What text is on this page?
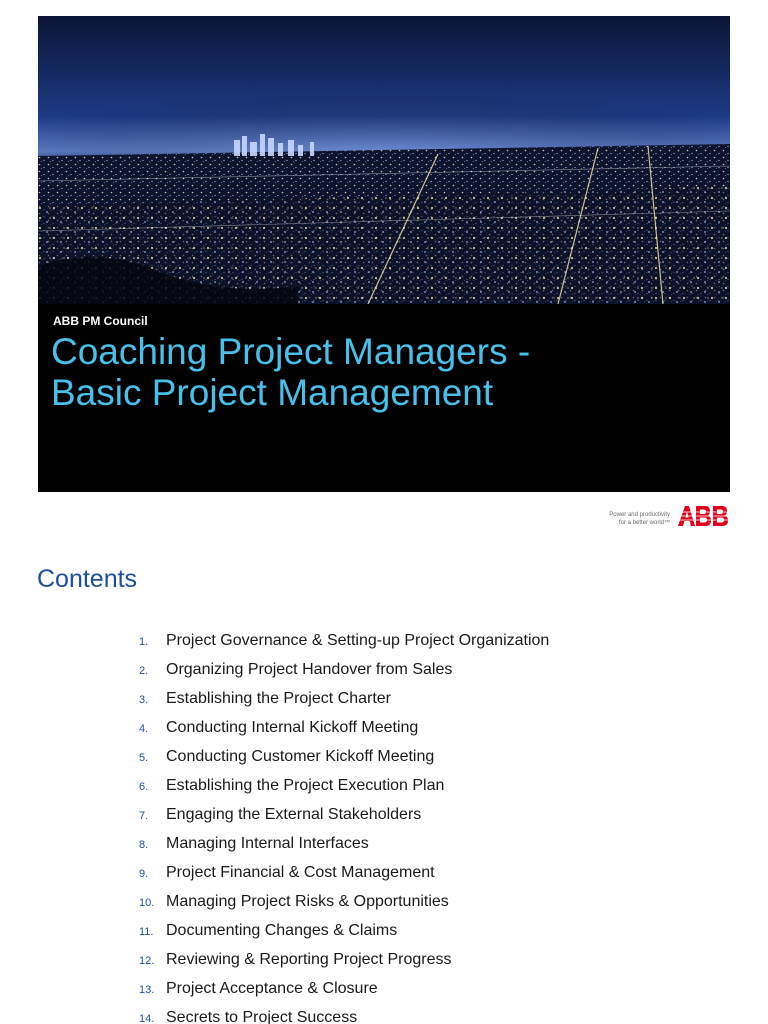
ABB PM Council
Coaching Project Managers -
Basic Project Management
Power and productivity
for a better world™
Contents
1. Project Governance & Setting-up Project Organization
2. Organizing Project Handover from Sales
3. Establishing the Project Charter
4. Conducting Internal Kickoff Meeting
5. Conducting Customer Kickoff Meeting
6. Establishing the Project Execution Plan
7. Engaging the External Stakeholders
8. Managing Internal Interfaces
9. Project Financial & Cost Management
10. Managing Project Risks & Opportunities
11. Documenting Changes & Claims
12. Reviewing & Reporting Project Progress
13. Project Acceptance & Closure
14. Secrets to Project Success
